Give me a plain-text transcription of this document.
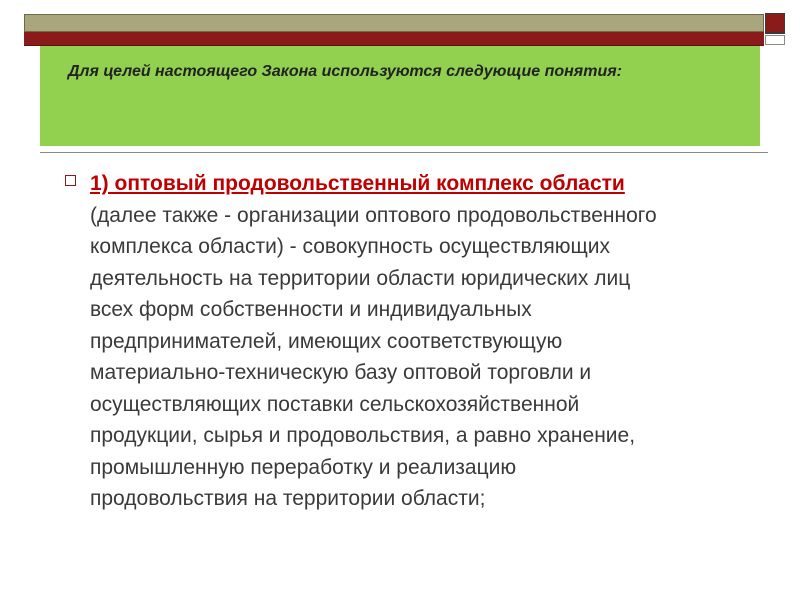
Для целей настоящего Закона используются следующие понятия:
1) оптовый продовольственный комплекс области
(далее также - организации оптового продовольственного
комплекса области) - совокупность осуществляющих
деятельность на территории области юридических лиц
всех форм собственности и индивидуальных
предпринимателей, имеющих соответствующую
материально-техническую базу оптовой торговли и
осуществляющих поставки сельскохозяйственной
продукции, сырья и продовольствия, а равно хранение,
промышленную переработку и реализацию
продовольствия на территории области;
